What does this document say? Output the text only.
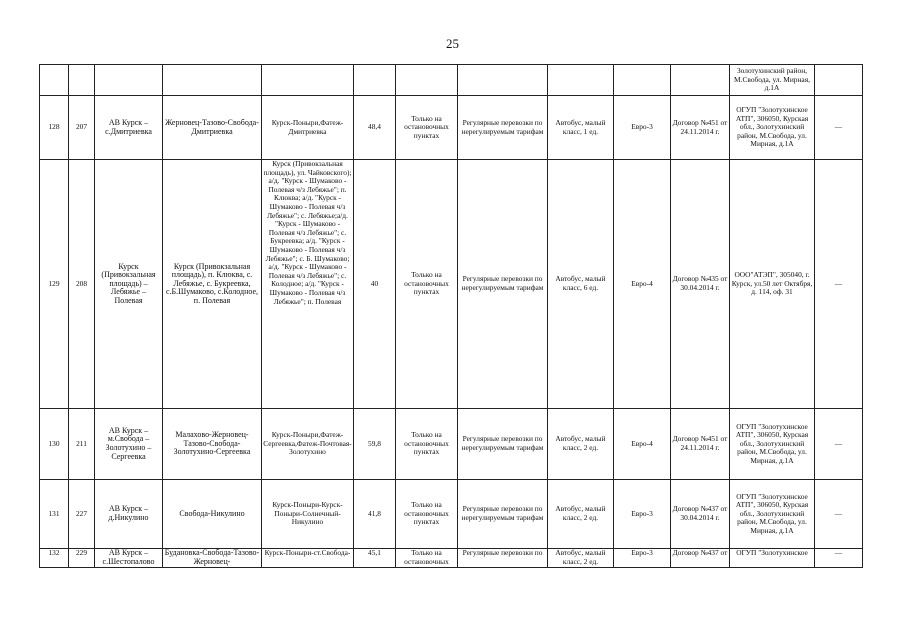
25
											Золотухинский район, М.Свобода, ул. Мирная, д.1А	
128	207	АВ Курск – с.Дмитриевка	Жерновец-Тазово-Свобода-Дмитриевка	Курск-Поныри,Фатеж-Дмитриевка	48,4	Только на остановочных пунктах	Регулярные перевозки по нерегулируемым тарифам	Автобус, малый класс, 1 ед.	Евро-3	Договор №451 от 24.11.2014 г.	ОГУП "Золотухинское АТП", 306050, Курская обл., Золотухинский район, М.Свобода, ул. Мирная, д.1А	—
129	208	Курск (Привокзальная площадь) – Лебяжье – Полевая	Курск (Привокзальная площадь), п. Клюква, с. Лебяжье, с. Букреевка, с.Б.Шумаково, с.Колодное, п. Полевая	Курск (Привокзальная площадь), ул. Чайковского); а/д. "Курск - Шумаково - Полевая ч/з Лебяжье"; п. Клюква; а/д. "Курск - Шумаково - Полевая ч/з Лебяжье"; с. Лебяжье;а/д. "Курск - Шумаково - Полевая ч/з Лебяжье"; с. Букреевка; а/д. "Курск - Шумаково - Полевая ч/з Лебяжье"; с. Б. Шумаково; а/д. "Курск - Шумаково - Полевая ч/з Лебяжье"; с. Колодное; а/д. "Курск - Шумаково - Полевая ч/з Лебяжье"; п. Полевая	40	Только на остановочных пунктах	Регулярные перевозки по нерегулируемым тарифам	Автобус, малый класс, 6 ед.	Евро-4	Договор №435 от 30.04.2014 г.	ООО"АТЭП", 305040, г. Курск, ул.50 лет Октября, д. 114, оф. 31	—
130	211	АВ Курск – м.Свобода – Золотухино – Сергеевка	Малахово-Жерновец-Тазово-Свобода-Золотухино-Сергеевка	Курск-Поныри,Фатеж-Сергеевка,Фатеж-Почтовая-Золотухино	59,8	Только на остановочных пунктах	Регулярные перевозки по нерегулируемым тарифам	Автобус, малый класс, 2 ед.	Евро-4	Договор №451 от 24.11.2014 г.	ОГУП "Золотухинское АТП", 306050, Курская обл., Золотухинский район, М.Свобода, ул. Мирная, д.1А	—
131	227	АВ Курск – д.Никулино	Свобода-Никулино	Курск-Поныри-Курск-Поныри-Солнечный-Никулино	41,8	Только на остановочных пунктах	Регулярные перевозки по нерегулируемым тарифам	Автобус, малый класс, 2 ед.	Евро-3	Договор №437 от 30.04.2014 г.	ОГУП "Золотухинское АТП", 306050, Курская обл., Золотухинский район, М.Свобода, ул. Мирная, д.1А	—
132	229	АВ Курск – с.Шестопалово	Будановка-Свобода-Тазово-Жерновец-	Курск-Поныри-ст.Свобода-	45,1	Только на остановочных	Регулярные перевозки по	Автобус, малый класс, 2 ед.	Евро-3	Договор №437 от	ОГУП "Золотухинское	—
